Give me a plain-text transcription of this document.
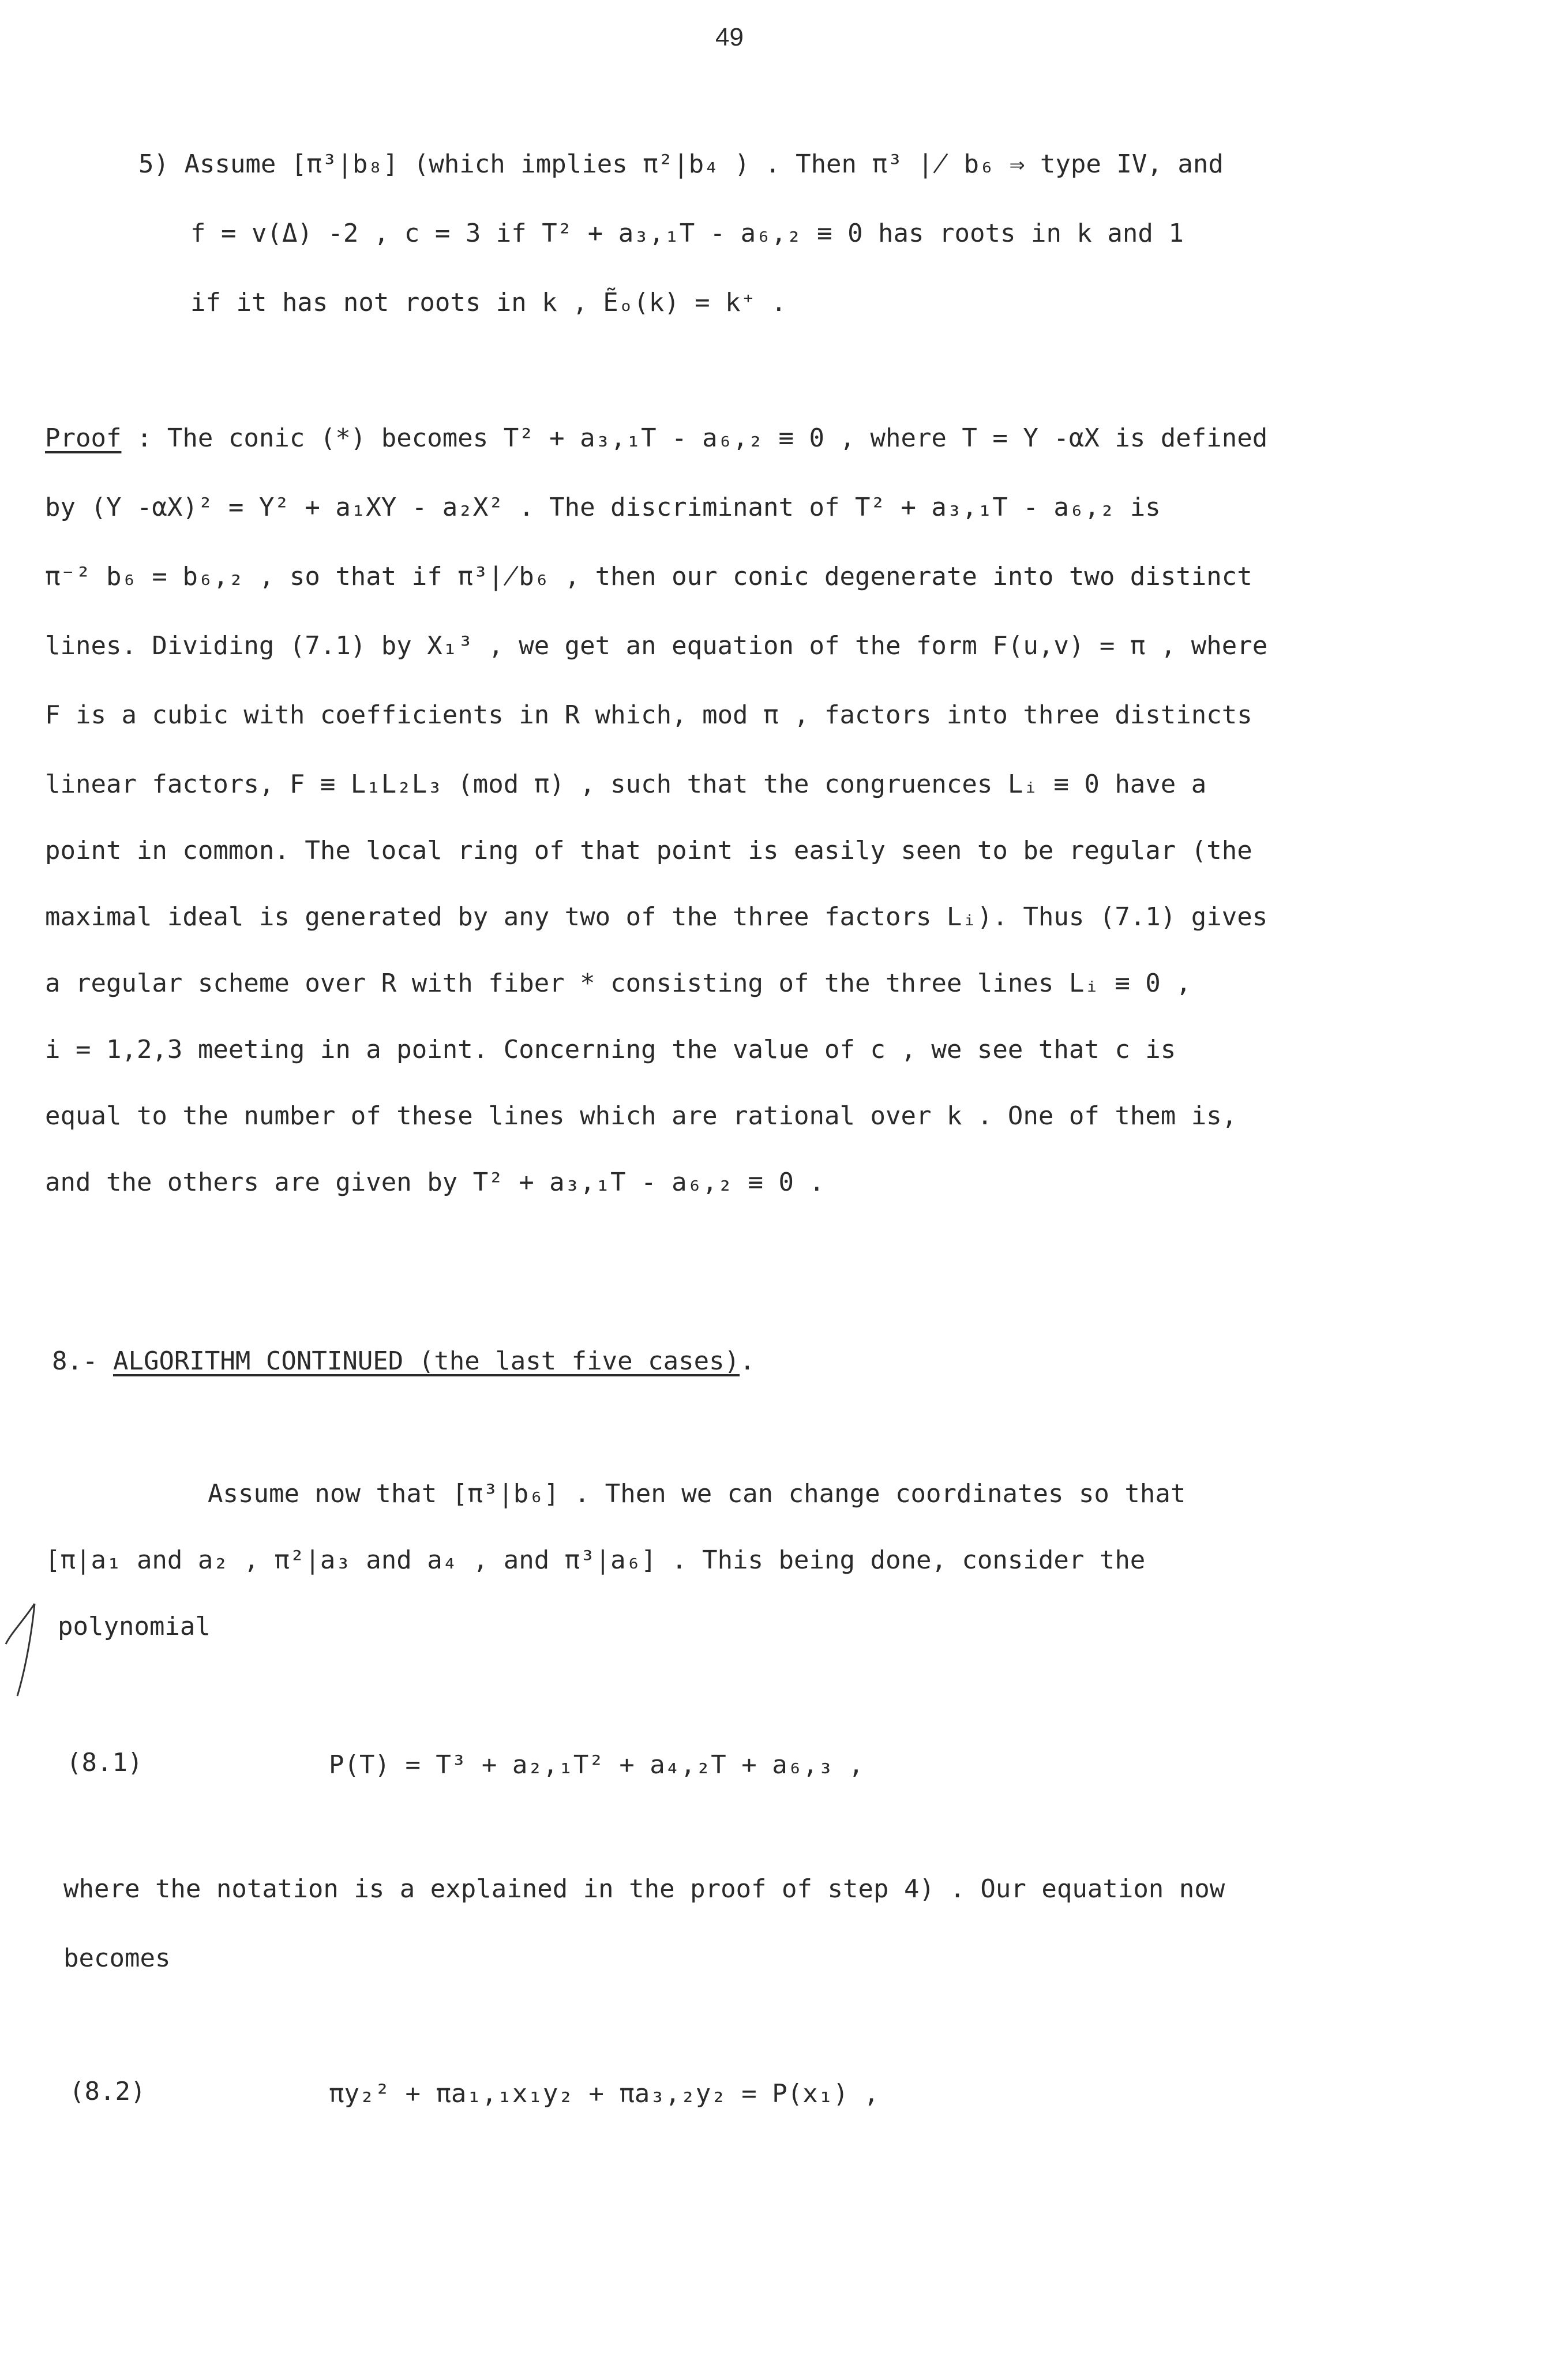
49
5) Assume [π³|b₈] (which implies π²|b₄ ) . Then π³ ∤ b₆ ⇒ type IV, and
f = v(Δ) -2 , c = 3 if T² + a₃,₁T - a₆,₂ ≡ 0 has roots in k and 1
if it has not roots in k , Ẽₒ(k) = k⁺ .
Proof : The conic (*) becomes T² + a₃,₁T - a₆,₂ ≡ 0 , where T = Y -αX is defined
by (Y -αX)² = Y² + a₁XY - a₂X² . The discriminant of T² + a₃,₁T - a₆,₂ is
π⁻² b₆ = b₆,₂ , so that if π³∤b₆ , then our conic degenerate into two distinct
lines. Dividing (7.1) by X₁³ , we get an equation of the form F(u,v) = π , where
F is a cubic with coefficients in R which, mod π , factors into three distincts
linear factors, F ≡ L₁L₂L₃ (mod π) , such that the congruences Lᵢ ≡ 0 have a
point in common. The local ring of that point is easily seen to be regular (the
maximal ideal is generated by any two of the three factors Lᵢ). Thus (7.1) gives
a regular scheme over R with fiber * consisting of the three lines Lᵢ ≡ 0 ,
i = 1,2,3 meeting in a point. Concerning the value of c , we see that c is
equal to the number of these lines which are rational over k . One of them is,
and the others are given by T² + a₃,₁T - a₆,₂ ≡ 0 .
8.- ALGORITHM CONTINUED (the last five cases).
Assume now that [π³|b₆] . Then we can change coordinates so that
[π|a₁ and a₂ , π²|a₃ and a₄ , and π³|a₆] . This being done, consider the
polynomial
(8.1)	P(T) = T³ + a₂,₁T² + a₄,₂T + a₆,₃ ,
where the notation is a explained in the proof of step 4) . Our equation now
becomes
(8.2)	πy₂² + πa₁,₁x₁y₂ + πa₃,₂y₂ = P(x₁) ,
